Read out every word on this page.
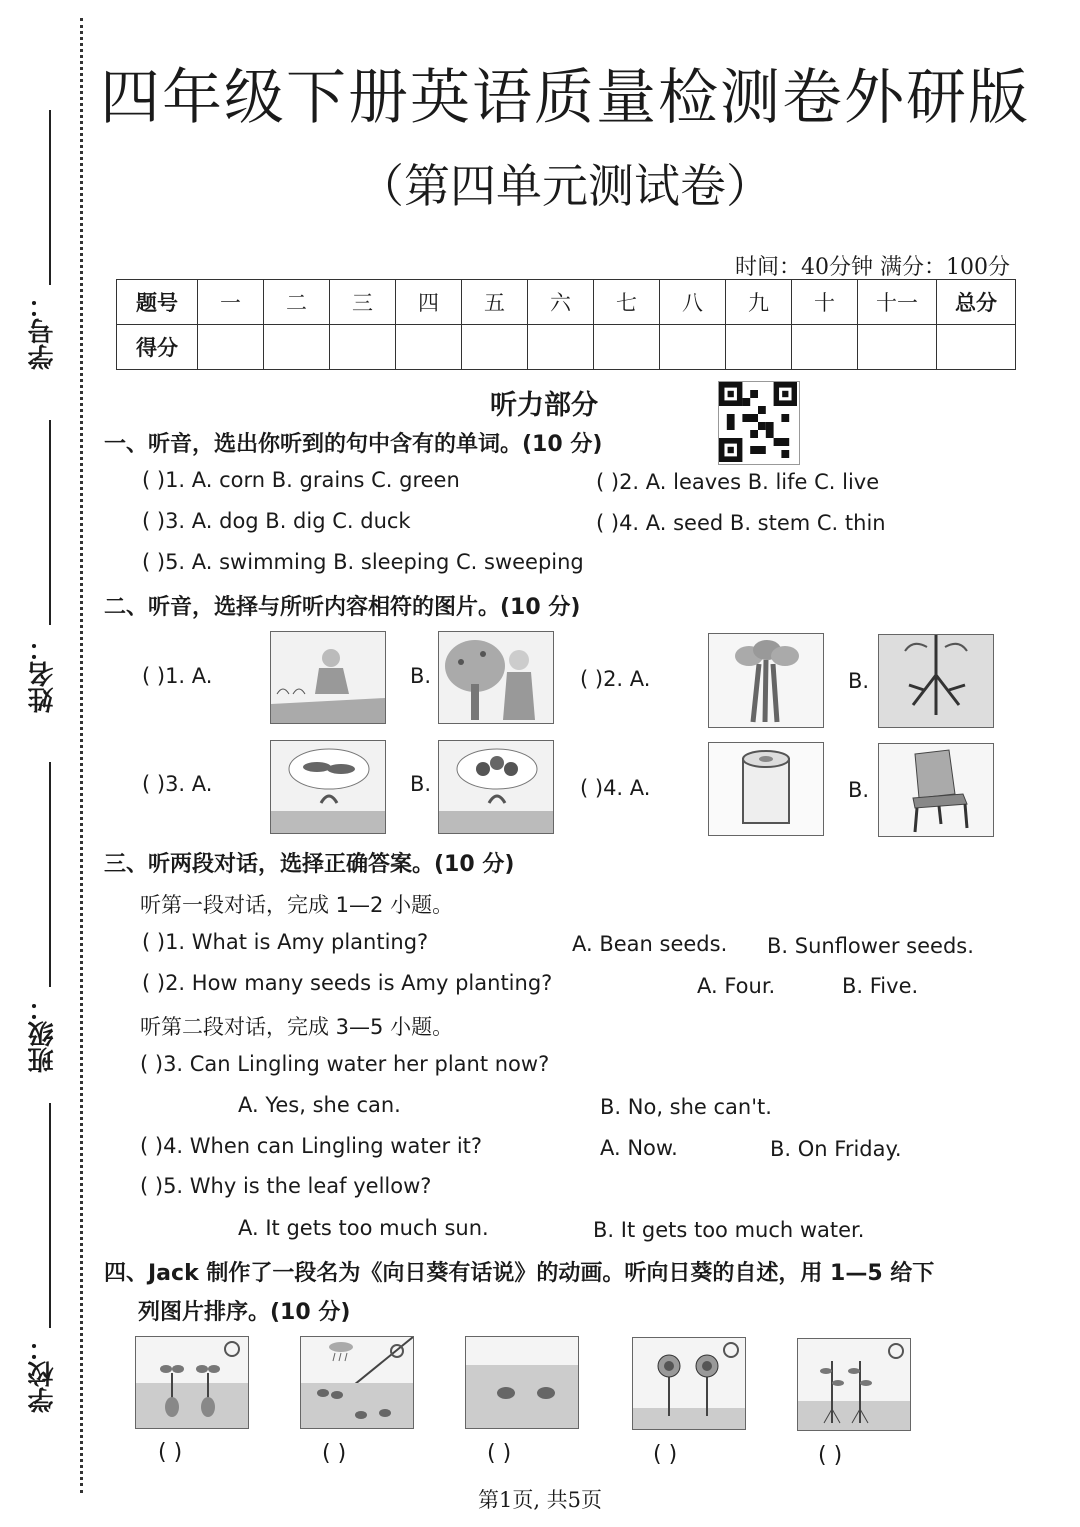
学号：
姓名：
班级：
学校：
四年级下册英语质量检测卷外研版
（第四单元测试卷）
时间：40分钟 满分：100分
题号	一	二	三	四	五	六	七	八	九	十	十一	总分
得分												
听力部分
一、听音，选出你听到的句中含有的单词。(10 分)
( )1. A. corn B. grains C. green	( )2. A. leaves B. life C. live
( )3. A. dog B. dig C. duck	( )4. A. seed B. stem C. thin
( )5. A. swimming B. sleeping C. sweeping
二、听音，选择与所听内容相符的图片。(10 分)
( )1. A.	B.	( )2. A.	B.
( )3. A.	B.	( )4. A.	B.
三、听两段对话，选择正确答案。(10 分)
听第一段对话，完成 1—2 小题。
( )1. What is Amy planting?	A. Bean seeds. B. Sunflower seeds.
( )2. How many seeds is Amy planting?	A. Four.	B. Five.
听第二段对话，完成 3—5 小题。
( )3. Can Lingling water her plant now?
A. Yes, she can.	B. No, she can't.
( )4. When can Lingling water it?	A. Now.	B. On Friday.
( )5. Why is the leaf yellow?
A. It gets too much sun.	B. It gets too much water.
四、Jack 制作了一段名为《向日葵有话说》的动画。听向日葵的自述，用 1—5 给下
列图片排序。(10 分)
( )	( )	( )	( )	( )
第1页, 共5页
